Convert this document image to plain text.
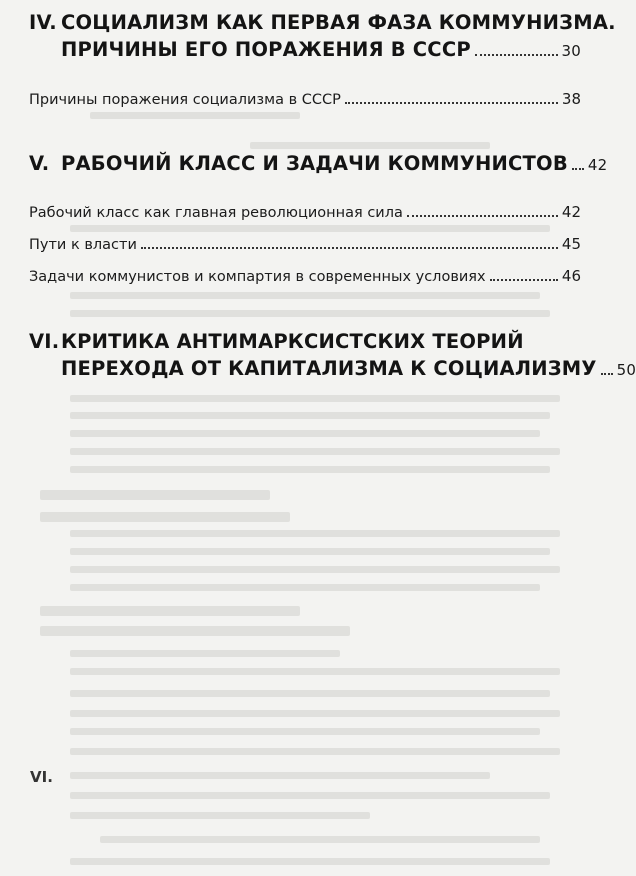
IV. СОЦИАЛИЗМ КАК ПЕРВАЯ ФАЗА КОММУНИЗМА.
ПРИЧИНЫ ЕГО ПОРАЖЕНИЯ В СССР	30
Причины поражения социализма в СССР	38
V. РАБОЧИЙ КЛАСС И ЗАДАЧИ КОММУНИСТОВ 42
Рабочий класс как главная революционная сила	42
Пути к власти	45
Задачи коммунистов и компартия в современных условиях	46
VI. КРИТИКА АНТИМАРКСИСТСКИХ ТЕОРИЙ
ПЕРЕХОДА ОТ КАПИТАЛИЗМА К СОЦИАЛИЗМУ 50
VI.
